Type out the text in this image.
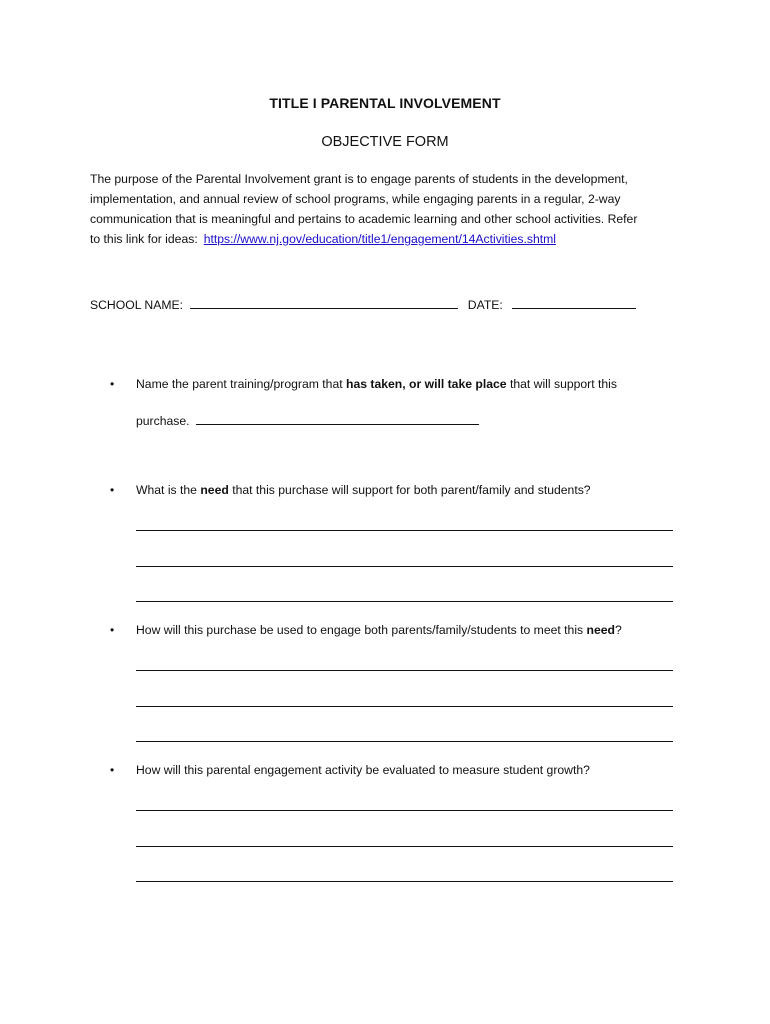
TITLE I PARENTAL INVOLVEMENT
OBJECTIVE FORM
The purpose of the Parental Involvement grant is to engage parents of students in the development,
implementation, and annual review of school programs, while engaging parents in a regular, 2-way
communication that is meaningful and pertains to academic learning and other school activities. Refer
to this link for ideas: https://www.nj.gov/education/title1/engagement/14Activities.shtml
SCHOOL NAME:	DATE:
• Name the parent training/program that has taken, or will take place that will support this
purchase.
• What is the need that this purchase will support for both parent/family and students?
• How will this purchase be used to engage both parents/family/students to meet this need?
• How will this parental engagement activity be evaluated to measure student growth?
